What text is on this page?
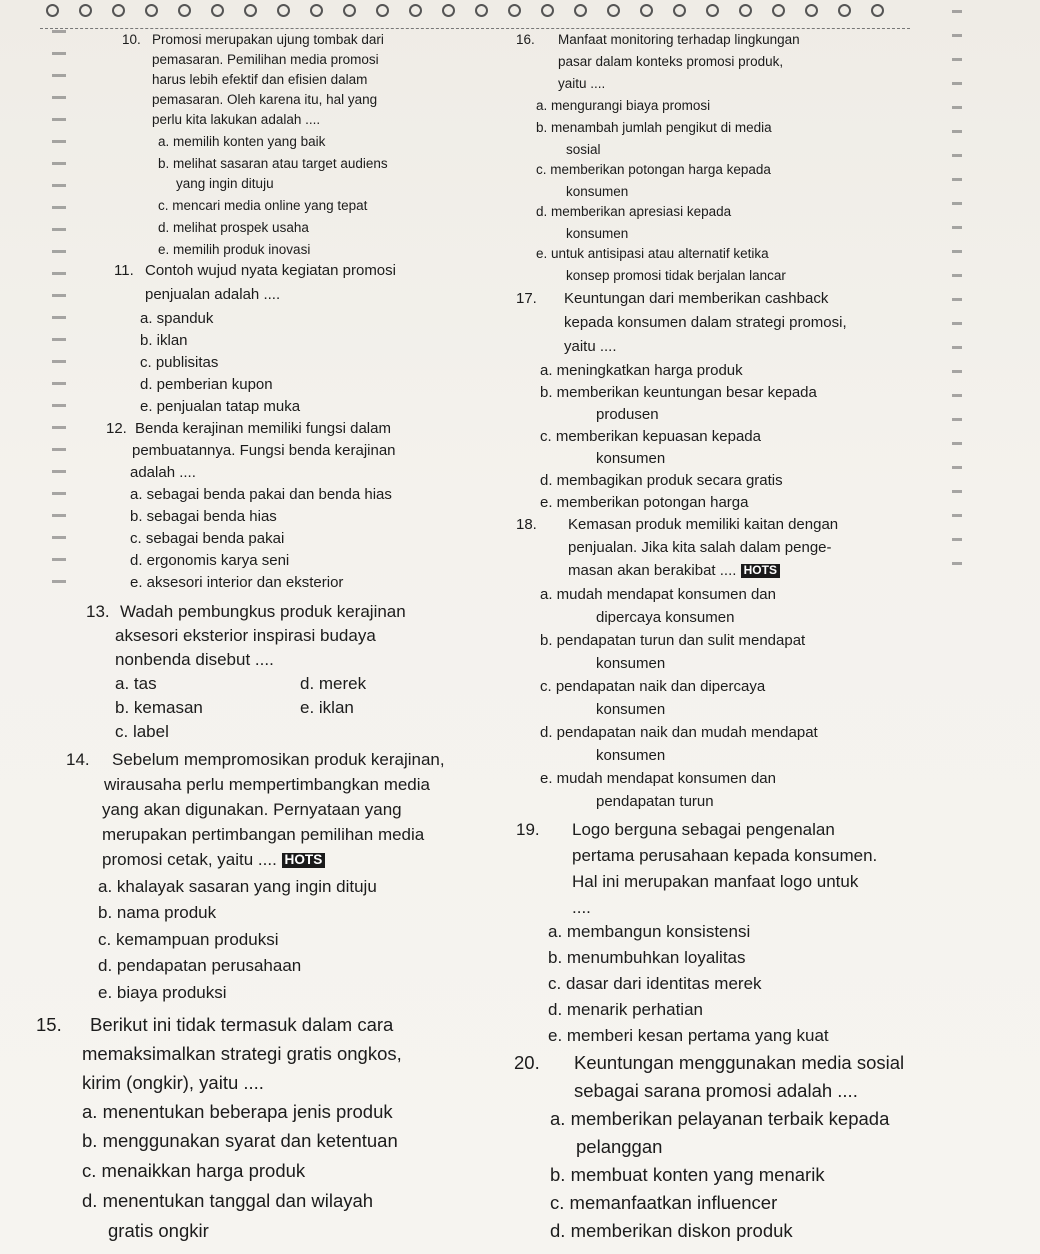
10. Promosi merupakan ujung tombak dari
pemasaran. Pemilihan media promosi
harus lebih efektif dan efisien dalam
pemasaran. Oleh karena itu, hal yang
perlu kita lakukan adalah ....
a. memilih konten yang baik
b. melihat sasaran atau target audiens
yang ingin dituju
c. mencari media online yang tepat
d. melihat prospek usaha
e. memilih produk inovasi
11. Contoh wujud nyata kegiatan promosi
penjualan adalah ....
a. spanduk
b. iklan
c. publisitas
d. pemberian kupon
e. penjualan tatap muka
12. Benda kerajinan memiliki fungsi dalam
pembuatannya. Fungsi benda kerajinan
adalah ....
a. sebagai benda pakai dan benda hias
b. sebagai benda hias
c. sebagai benda pakai
d. ergonomis karya seni
e. aksesori interior dan eksterior
13. Wadah pembungkus produk kerajinan
aksesori eksterior inspirasi budaya
nonbenda disebut ....
a. tas	d. merek
b. kemasan	e. iklan
c. label
14. Sebelum mempromosikan produk kerajinan,
wirausaha perlu mempertimbangkan media
yang akan digunakan. Pernyataan yang
merupakan pertimbangan pemilihan media
promosi cetak, yaitu .... HOTS
a. khalayak sasaran yang ingin dituju
b. nama produk
c. kemampuan produksi
d. pendapatan perusahaan
e. biaya produksi
15. Berikut ini tidak termasuk dalam cara
memaksimalkan strategi gratis ongkos,
kirim (ongkir), yaitu ....
a. menentukan beberapa jenis produk
b. menggunakan syarat dan ketentuan
c. menaikkan harga produk
d. menentukan tanggal dan wilayah
gratis ongkir
16. Manfaat monitoring terhadap lingkungan
pasar dalam konteks promosi produk,
yaitu ....
a. mengurangi biaya promosi
b. menambah jumlah pengikut di media
sosial
c. memberikan potongan harga kepada
konsumen
d. memberikan apresiasi kepada
konsumen
e. untuk antisipasi atau alternatif ketika
konsep promosi tidak berjalan lancar
17. Keuntungan dari memberikan cashback
kepada konsumen dalam strategi promosi,
yaitu ....
a. meningkatkan harga produk
b. memberikan keuntungan besar kepada
produsen
c. memberikan kepuasan kepada
konsumen
d. membagikan produk secara gratis
e. memberikan potongan harga
18. Kemasan produk memiliki kaitan dengan
penjualan. Jika kita salah dalam penge-
masan akan berakibat .... HOTS
a. mudah mendapat konsumen dan
dipercaya konsumen
b. pendapatan turun dan sulit mendapat
konsumen
c. pendapatan naik dan dipercaya
konsumen
d. pendapatan naik dan mudah mendapat
konsumen
e. mudah mendapat konsumen dan
pendapatan turun
19. Logo berguna sebagai pengenalan
pertama perusahaan kepada konsumen.
Hal ini merupakan manfaat logo untuk
....
a. membangun konsistensi
b. menumbuhkan loyalitas
c. dasar dari identitas merek
d. menarik perhatian
e. memberi kesan pertama yang kuat
20. Keuntungan menggunakan media sosial
sebagai sarana promosi adalah ....
a. memberikan pelayanan terbaik kepada
pelanggan
b. membuat konten yang menarik
c. memanfaatkan influencer
d. memberikan diskon produk
